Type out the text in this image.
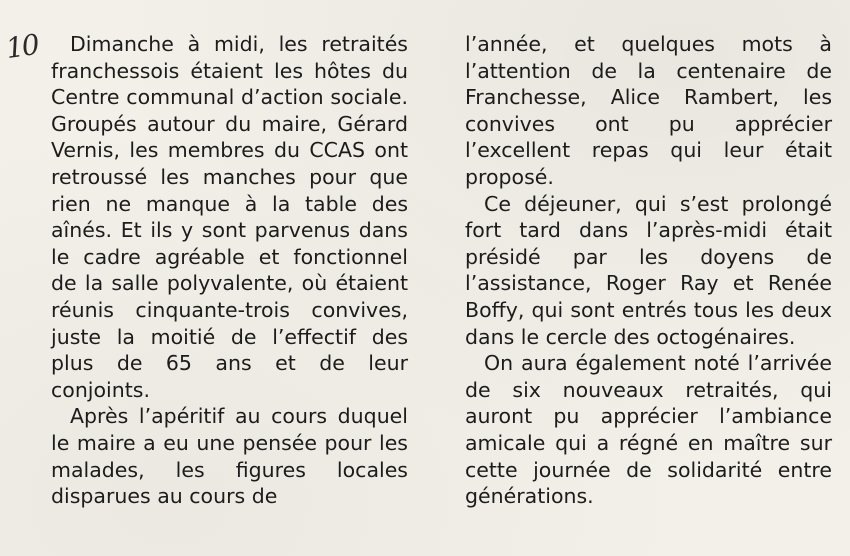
10	Dimanche à midi, les retraités franchessois étaient les hôtes du Centre communal d’action sociale. Groupés autour du maire, Gérard Vernis, les membres du CCAS ont retroussé les manches pour que rien ne manque à la table des aînés. Et ils y sont parvenus dans le cadre agréable et fonctionnel de la salle polyvalente, où étaient réunis cinquante-trois convives, juste la moitié de l’effectif des plus de 65 ans et de leur conjoints.

Après l’apéritif au cours duquel le maire a eu une pensée pour les malades, les figures locales disparues au cours de

l’année, et quelques mots à l’attention de la centenaire de Franchesse, Alice Rambert, les convives ont pu apprécier l’excellent repas qui leur était proposé.

Ce déjeuner, qui s’est prolongé fort tard dans l’après-midi était présidé par les doyens de l’assistance, Roger Ray et Renée Boffy, qui sont entrés tous les deux dans le cercle des octogénaires.

On aura également noté l’arrivée de six nouveaux retraités, qui auront pu apprécier l’ambiance amicale qui a régné en maître sur cette journée de solidarité entre générations.
